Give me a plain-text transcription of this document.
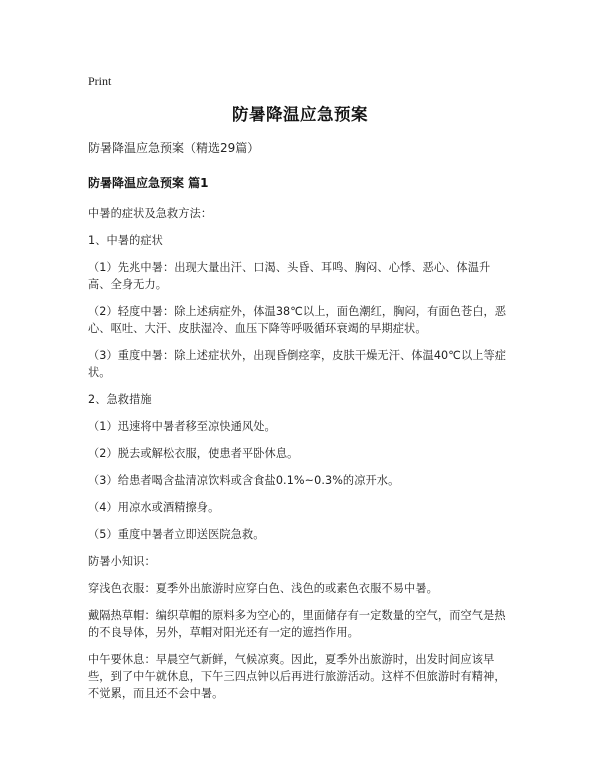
Print
防暑降温应急预案
防暑降温应急预案（精选29篇）
防暑降温应急预案 篇1

中暑的症状及急救方法：

1、中暑的症状

（1）先兆中暑：出现大量出汗、口渴、头昏、耳鸣、胸闷、心悸、恶心、体温升高、全身无力。

（2）轻度中暑：除上述病症外，体温38℃以上，面色潮红，胸闷，有面色苍白，恶心、呕吐、大汗、皮肤湿冷、血压下降等呼吸循环衰竭的早期症状。

（3）重度中暑：除上述症状外，出现昏倒痉挛，皮肤干燥无汗、体温40℃以上等症状。

2、急救措施

（1）迅速将中暑者移至凉快通风处。

（2）脱去或解松衣服，使患者平卧休息。

（3）给患者喝含盐清凉饮料或含食盐0.1%~0.3%的凉开水。

（4）用凉水或酒精擦身。

（5）重度中暑者立即送医院急救。

防暑小知识：

穿浅色衣服：夏季外出旅游时应穿白色、浅色的或素色衣服不易中暑。

戴隔热草帽：编织草帽的原料多为空心的，里面储存有一定数量的空气，而空气是热的不良导体，另外，草帽对阳光还有一定的遮挡作用。

中午要休息：早晨空气新鲜，气候凉爽。因此，夏季外出旅游时，出发时间应该早些，到了中午就休息，下午三四点钟以后再进行旅游活动。这样不但旅游时有精神，不觉累，而且还不会中暑。
